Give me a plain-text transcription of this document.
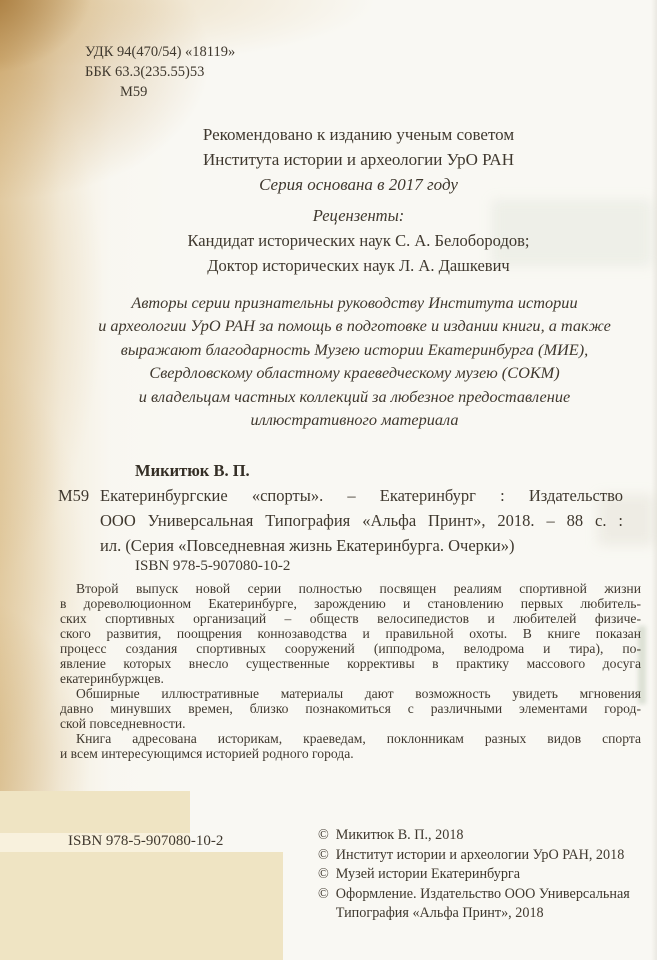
УДК 94(470/54) «18119»
ББК 63.3(235.55)53
М59
Рекомендовано к изданию ученым советом
Института истории и археологии УрО РАН
Серия основана в 2017 году
Рецензенты:
Кандидат исторических наук С. А. Белобородов;
Доктор исторических наук Л. А. Дашкевич
Авторы серии признательны руководству Института истории
и археологии УрО РАН за помощь в подготовке и издании книги, а также
выражают благодарность Музею истории Екатеринбурга (МИЕ),
Свердловскому областному краеведческому музею (СОКМ)
и владельцам частных коллекций за любезное предоставление
иллюстративного материала
Микитюк В. П.
М59 Екатеринбургские «спорты». – Екатеринбург : Издательство
ООО Универсальная Типография «Альфа Принт», 2018. – 88 с. :
ил. (Серия «Повседневная жизнь Екатеринбурга. Очерки»)
ISBN 978-5-907080-10-2
Второй выпуск новой серии полностью посвящен реалиям спортивной жизни
в дореволюционном Екатеринбурге, зарождению и становлению первых любитель-
ских спортивных организаций – обществ велосипедистов и любителей физиче-
ского развития, поощрения коннозаводства и правильной охоты. В книге показан
процесс создания спортивных сооружений (ипподрома, велодрома и тира), по-
явление которых внесло существенные коррективы в практику массового досуга
екатеринбуржцев.
Обширные иллюстративные материалы дают возможность увидеть мгновения
давно минувших времен, близко познакомиться с различными элементами город-
ской повседневности.
Книга адресована историкам, краеведам, поклонникам разных видов спорта
и всем интересующимся историей родного города.
ISBN 978-5-907080-10-2	© Микитюк В. П., 2018
© Институт истории и археологии УрО РАН, 2018
© Музей истории Екатеринбурга
© Оформление. Издательство ООО Универсальная Типография «Альфа Принт», 2018
